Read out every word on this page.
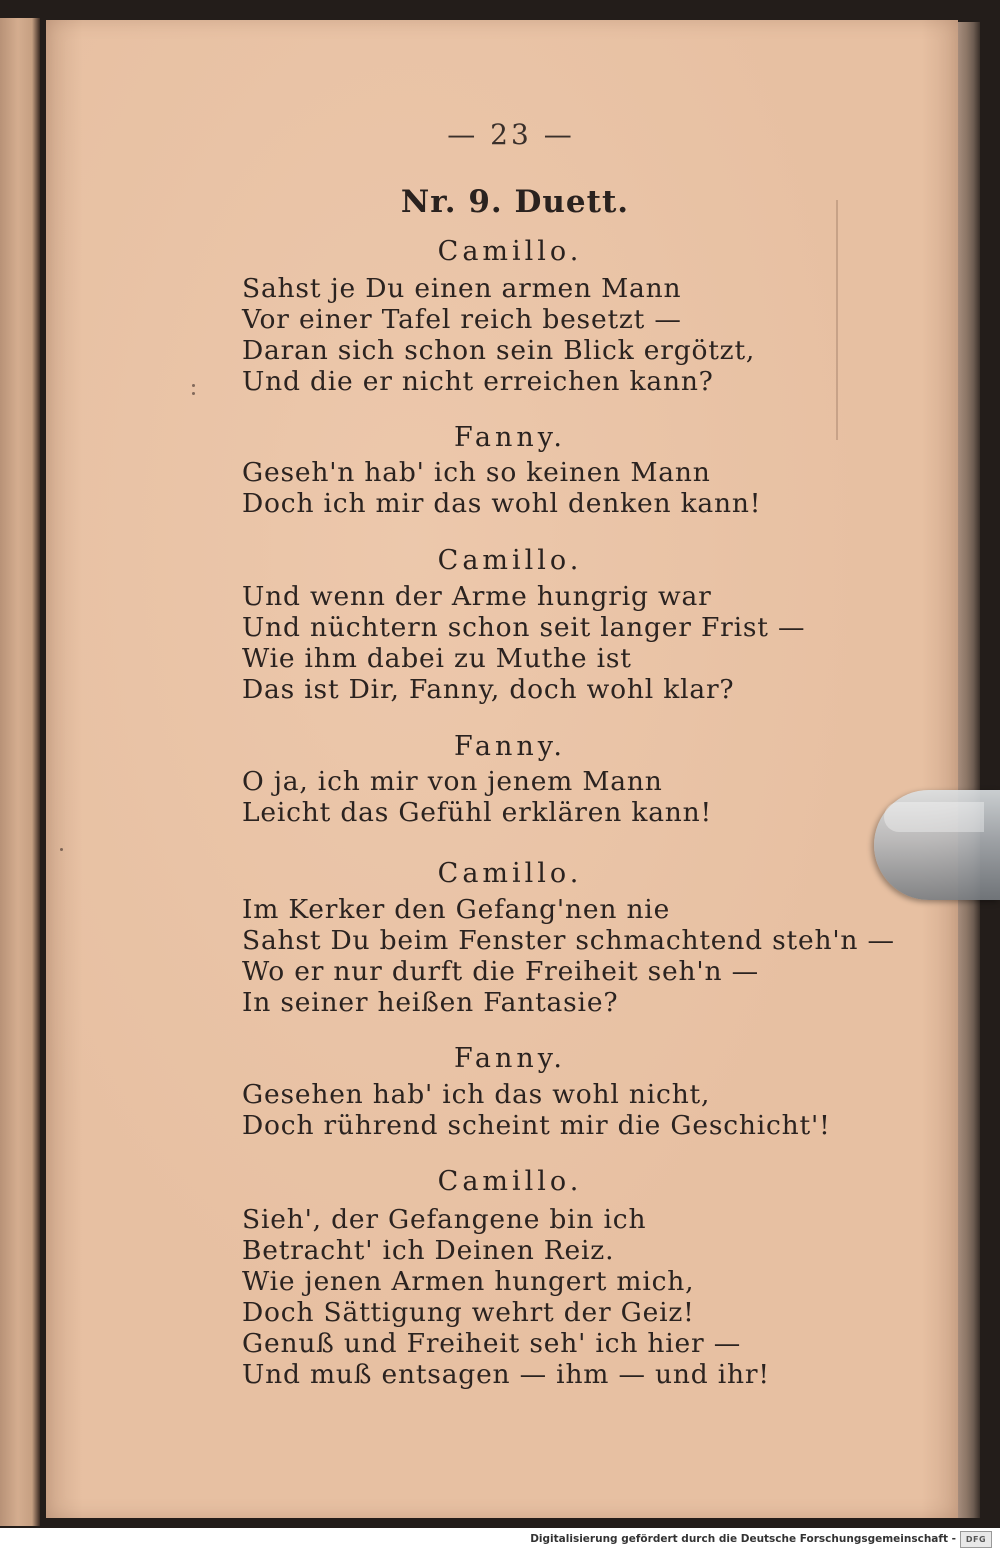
— 23 —
Nr. 9. Duett.
Camillo.
Sahst je Du einen armen Mann
Vor einer Tafel reich besetzt —
Daran sich schon sein Blick ergötzt,
Und die er nicht erreichen kann?
Fanny.
Geseh'n hab' ich so keinen Mann
Doch ich mir das wohl denken kann!
Camillo.
Und wenn der Arme hungrig war
Und nüchtern schon seit langer Frist —
Wie ihm dabei zu Muthe ist
Das ist Dir, Fanny, doch wohl klar?
Fanny.
O ja, ich mir von jenem Mann
Leicht das Gefühl erklären kann!
Camillo.
Im Kerker den Gefang'nen nie
Sahst Du beim Fenster schmachtend steh'n —
Wo er nur durft die Freiheit seh'n —
In seiner heißen Fantasie?
Fanny.
Gesehen hab' ich das wohl nicht,
Doch rührend scheint mir die Geschicht'!
Camillo.
Sieh', der Gefangene bin ich
Betracht' ich Deinen Reiz.
Wie jenen Armen hungert mich,
Doch Sättigung wehrt der Geiz!
Genuß und Freiheit seh' ich hier —
Und muß entsagen — ihm — und ihr!
Digitalisierung gefördert durch die Deutsche Forschungsgemeinschaft -	DFG
